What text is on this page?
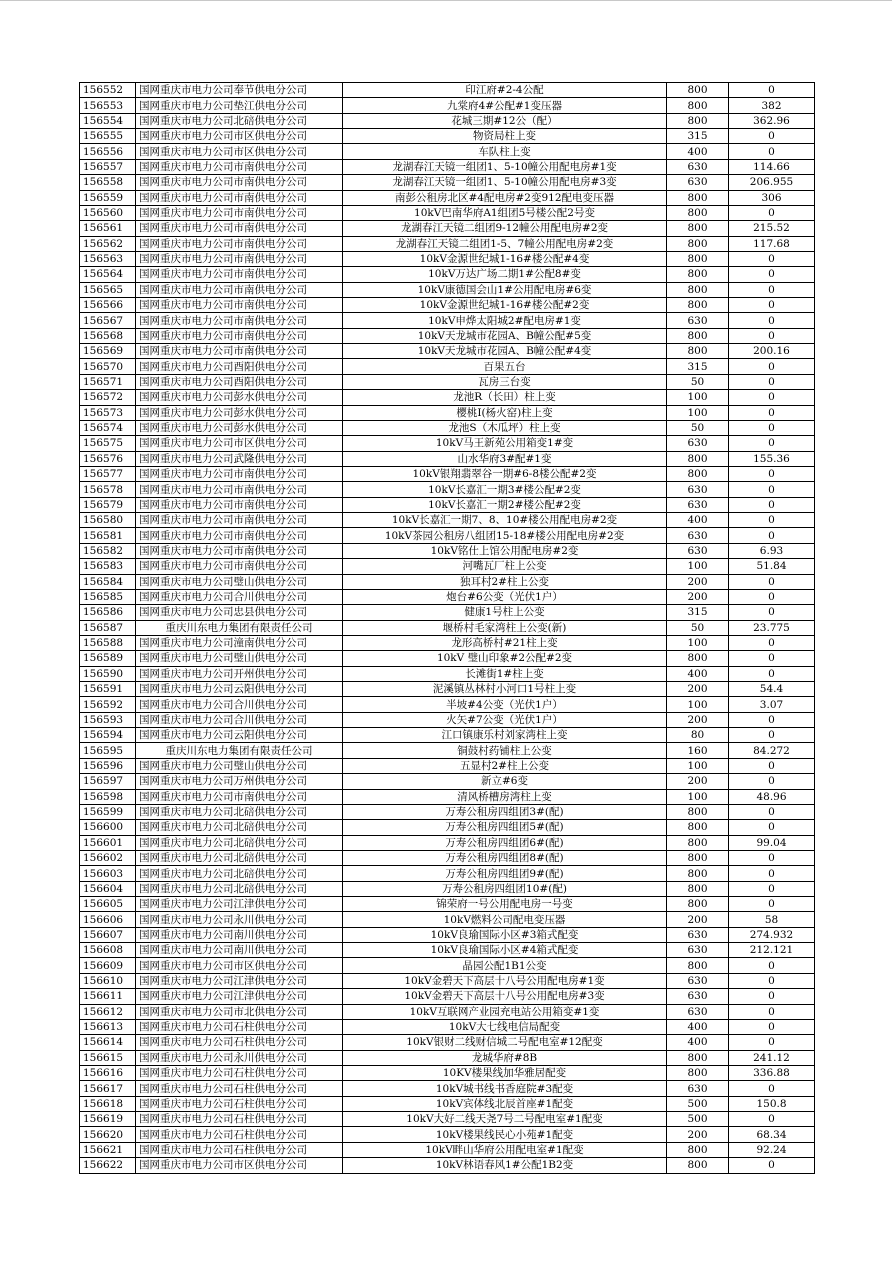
156552	国网重庆市电力公司奉节供电分公司	印江府#2-4公配	800	0
156553	国网重庆市电力公司垫江供电分公司	九棠府4#公配#1变压器	800	382
156554	国网重庆市电力公司北碚供电分公司	花城三期#12公（配）	800	362.96
156555	国网重庆市电力公司市区供电分公司	物资局柱上变	315	0
156556	国网重庆市电力公司市区供电分公司	车队柱上变	400	0
156557	国网重庆市电力公司市南供电分公司	龙湖春江天镜一组团1、5-10幢公用配电房#1变	630	114.66
156558	国网重庆市电力公司市南供电分公司	龙湖春江天镜一组团1、5-10幢公用配电房#3变	630	206.955
156559	国网重庆市电力公司市南供电分公司	南彭公租房北区#4配电房#2变912配电变压器	800	306
156560	国网重庆市电力公司市南供电分公司	10kV巴南华府A1组团5号楼公配2号变	800	0
156561	国网重庆市电力公司市南供电分公司	龙湖春江天镜二组团9-12幢公用配电房#2变	800	215.52
156562	国网重庆市电力公司市南供电分公司	龙湖春江天镜二组团1-5、7幢公用配电房#2变	800	117.68
156563	国网重庆市电力公司市南供电分公司	10kV金源世纪城1-16#楼公配#4变	800	0
156564	国网重庆市电力公司市南供电分公司	10kV万达广场二期1#公配8#变	800	0
156565	国网重庆市电力公司市南供电分公司	10kV康德国会山1#公用配电房#6变	800	0
156566	国网重庆市电力公司市南供电分公司	10kV金源世纪城1-16#楼公配#2变	800	0
156567	国网重庆市电力公司市南供电分公司	10kV申烨太阳城2#配电房#1变	630	0
156568	国网重庆市电力公司市南供电分公司	10kV天龙城市花园A、B幢公配#5变	800	0
156569	国网重庆市电力公司市南供电分公司	10kV天龙城市花园A、B幢公配#4变	800	200.16
156570	国网重庆市电力公司酉阳供电分公司	百果五台	315	0
156571	国网重庆市电力公司酉阳供电分公司	瓦房三台变	50	0
156572	国网重庆市电力公司彭水供电分公司	龙池R（长田）柱上变	100	0
156573	国网重庆市电力公司彭水供电分公司	樱桃I(杨火窑)柱上变	100	0
156574	国网重庆市电力公司彭水供电分公司	龙池S（木瓜坪）柱上变	50	0
156575	国网重庆市电力公司市区供电分公司	10kV马王新苑公用箱变1#变	630	0
156576	国网重庆市电力公司武隆供电分公司	山水华府3#配#1变	800	155.36
156577	国网重庆市电力公司市南供电分公司	10kV银翔翡翠谷一期#6-8楼公配#2变	800	0
156578	国网重庆市电力公司市南供电分公司	10kV长嘉汇一期3#楼公配#2变	630	0
156579	国网重庆市电力公司市南供电分公司	10kV长嘉汇一期2#楼公配#2变	630	0
156580	国网重庆市电力公司市南供电分公司	10kV长嘉汇一期7、8、10#楼公用配电房#2变	400	0
156581	国网重庆市电力公司市南供电分公司	10kV茶园公租房八组团15-18#楼公用配电房#2变	630	0
156582	国网重庆市电力公司市南供电分公司	10kV铭仕上馆公用配电房#2变	630	6.93
156583	国网重庆市电力公司市南供电分公司	河嘴瓦厂柱上公变	100	51.84
156584	国网重庆市电力公司璧山供电分公司	独耳村2#柱上公变	200	0
156585	国网重庆市电力公司合川供电分公司	炮台#6公变（光伏1户）	200	0
156586	国网重庆市电力公司忠县供电分公司	健康1号柱上公变	315	0
156587	重庆川东电力集团有限责任公司	堰桥村毛家湾柱上公变(新)	50	23.775
156588	国网重庆市电力公司潼南供电分公司	龙形高桥村#21柱上变	100	0
156589	国网重庆市电力公司璧山供电分公司	10kV 璧山印象#2公配#2变	800	0
156590	国网重庆市电力公司开州供电分公司	长滩街1#柱上变	400	0
156591	国网重庆市电力公司云阳供电分公司	泥溪镇丛林村小河口1号柱上变	200	54.4
156592	国网重庆市电力公司合川供电分公司	半坡#4公变（光伏1户）	100	3.07
156593	国网重庆市电力公司合川供电分公司	火矢#7公变（光伏1户）	200	0
156594	国网重庆市电力公司云阳供电分公司	江口镇康乐村刘家湾柱上变	80	0
156595	重庆川东电力集团有限责任公司	铜鼓村药铺柱上公变	160	84.272
156596	国网重庆市电力公司璧山供电分公司	五显村2#柱上公变	100	0
156597	国网重庆市电力公司万州供电分公司	新立#6变	200	0
156598	国网重庆市电力公司市南供电分公司	清风桥槽房湾柱上变	100	48.96
156599	国网重庆市电力公司北碚供电分公司	万寿公租房四组团3#(配)	800	0
156600	国网重庆市电力公司北碚供电分公司	万寿公租房四组团5#(配)	800	0
156601	国网重庆市电力公司北碚供电分公司	万寿公租房四组团6#(配)	800	99.04
156602	国网重庆市电力公司北碚供电分公司	万寿公租房四组团8#(配)	800	0
156603	国网重庆市电力公司北碚供电分公司	万寿公租房四组团9#(配)	800	0
156604	国网重庆市电力公司北碚供电分公司	万寿公租房四组团10#(配)	800	0
156605	国网重庆市电力公司江津供电分公司	锦荣府一号公用配电房一号变	800	0
156606	国网重庆市电力公司永川供电分公司	10kV燃料公司配电变压器	200	58
156607	国网重庆市电力公司南川供电分公司	10kV良瑜国际小区#3箱式配变	630	274.932
156608	国网重庆市电力公司南川供电分公司	10kV良瑜国际小区#4箱式配变	630	212.121
156609	国网重庆市电力公司市区供电分公司	晶园公配1B1公变	800	0
156610	国网重庆市电力公司江津供电分公司	10kV金碧天下高层十八号公用配电房#1变	630	0
156611	国网重庆市电力公司江津供电分公司	10kV金碧天下高层十八号公用配电房#3变	630	0
156612	国网重庆市电力公司市北供电分公司	10kV互联网产业园充电站公用箱变#1变	630	0
156613	国网重庆市电力公司石柱供电分公司	10kV大七线电信局配变	400	0
156614	国网重庆市电力公司石柱供电分公司	10kV银财二线财信城二号配电室#12配变	400	0
156615	国网重庆市电力公司永川供电分公司	龙城华府#8B	800	241.12
156616	国网重庆市电力公司石柱供电分公司	10KV楼果线加华雅居配变	800	336.88
156617	国网重庆市电力公司石柱供电分公司	10kV城书线书香庭院#3配变	630	0
156618	国网重庆市电力公司石柱供电分公司	10kV宾体线北辰首座#1配变	500	150.8
156619	国网重庆市电力公司石柱供电分公司	10kV大好二线天尧7号二号配电室#1配变	500	0
156620	国网重庆市电力公司石柱供电分公司	10kV楼果线民心小苑#1配变	200	68.34
156621	国网重庆市电力公司石柱供电分公司	10kV畔山华府公用配电室#1配变	800	92.24
156622	国网重庆市电力公司市区供电分公司	10kV林语春风1#公配1B2变	800	0
